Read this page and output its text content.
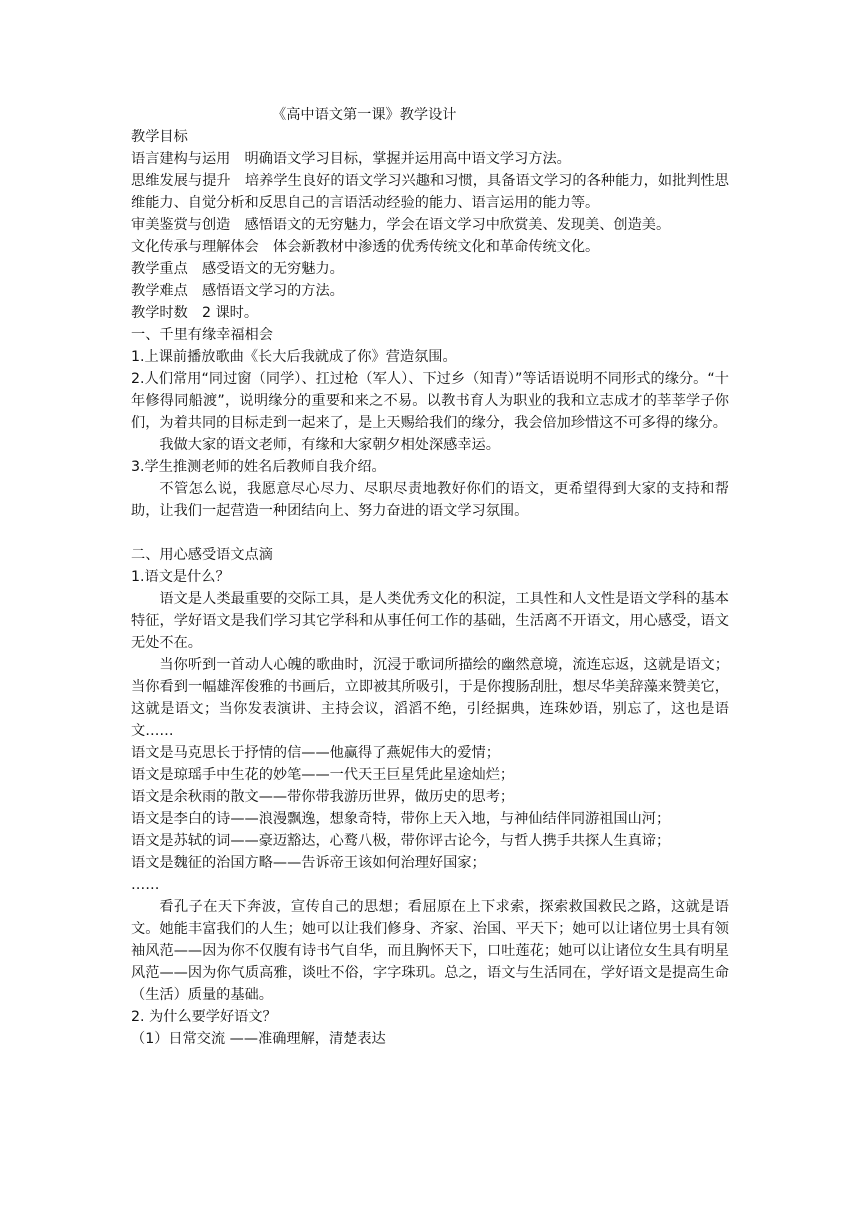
《高中语文第一课》教学设计

教学目标

语言建构与运用　明确语文学习目标，掌握并运用高中语文学习方法。

思维发展与提升　培养学生良好的语文学习兴趣和习惯，具备语文学习的各种能力，如批判性思维能力、自觉分析和反思自己的言语活动经验的能力、语言运用的能力等。

审美鉴赏与创造　感悟语文的无穷魅力，学会在语文学习中欣赏美、发现美、创造美。

文化传承与理解体会　体会新教材中渗透的优秀传统文化和革命传统文化。

教学重点　感受语文的无穷魅力。

教学难点　感悟语文学习的方法。

教学时数　2 课时。

一、千里有缘幸福相会

1.上课前播放歌曲《长大后我就成了你》营造氛围。

2.人们常用“同过窗（同学）、扛过枪（军人）、下过乡（知青）”等话语说明不同形式的缘分。“十年修得同船渡”，说明缘分的重要和来之不易。以教书育人为职业的我和立志成才的莘莘学子你们，为着共同的目标走到一起来了，是上天赐给我们的缘分，我会倍加珍惜这不可多得的缘分。

我做大家的语文老师，有缘和大家朝夕相处深感幸运。

3.学生推测老师的姓名后教师自我介绍。

不管怎么说，我愿意尽心尽力、尽职尽责地教好你们的语文，更希望得到大家的支持和帮助，让我们一起营造一种团结向上、努力奋进的语文学习氛围。

二、用心感受语文点滴

1.语文是什么？

语文是人类最重要的交际工具，是人类优秀文化的积淀，工具性和人文性是语文学科的基本特征，学好语文是我们学习其它学科和从事任何工作的基础，生活离不开语文，用心感受，语文无处不在。

当你听到一首动人心魄的歌曲时，沉浸于歌词所描绘的幽然意境，流连忘返，这就是语文；当你看到一幅雄浑俊雅的书画后，立即被其所吸引，于是你搜肠刮肚，想尽华美辞藻来赞美它，这就是语文；当你发表演讲、主持会议，滔滔不绝，引经据典，连珠妙语，别忘了，这也是语文……

语文是马克思长于抒情的信——他赢得了燕妮伟大的爱情；

语文是琼瑶手中生花的妙笔——一代天王巨星凭此星途灿烂；

语文是余秋雨的散文——带你带我游历世界，做历史的思考；

语文是李白的诗——浪漫飘逸，想象奇特，带你上天入地，与神仙结伴同游祖国山河；

语文是苏轼的词——豪迈豁达，心鹜八极，带你评古论今，与哲人携手共探人生真谛；

语文是魏征的治国方略——告诉帝王该如何治理好国家；

……

看孔子在天下奔波，宣传自己的思想；看屈原在上下求索，探索救国救民之路，这就是语文。她能丰富我们的人生；她可以让我们修身、齐家、治国、平天下；她可以让诸位男士具有领袖风范——因为你不仅腹有诗书气自华，而且胸怀天下，口吐莲花；她可以让诸位女生具有明星风范——因为你气质高雅，谈吐不俗，字字珠玑。总之，语文与生活同在，学好语文是提高生命（生活）质量的基础。

2. 为什么要学好语文？

（1）日常交流 ——准确理解，清楚表达
